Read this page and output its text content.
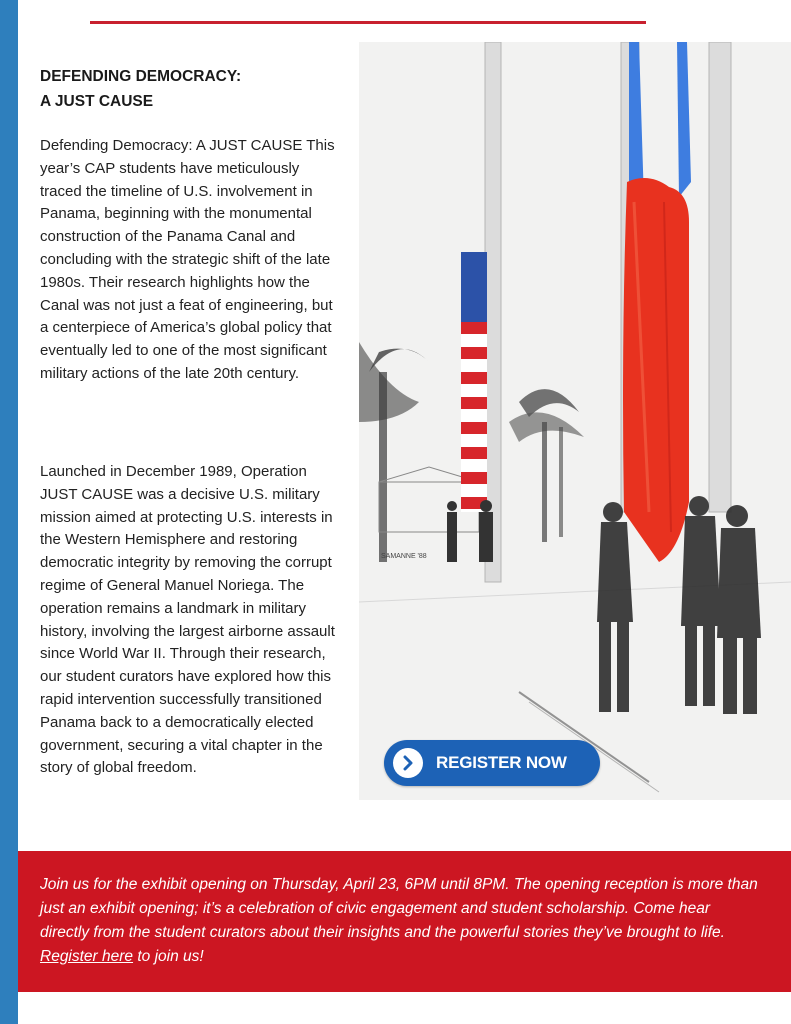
DEFENDING DEMOCRACY:
A JUST CAUSE
Defending Democracy: A JUST CAUSE This year’s CAP students have meticulously traced the timeline of U.S. involvement in Panama, beginning with the monumental construction of the Panama Canal and concluding with the strategic shift of the late 1980s. Their research highlights how the Canal was not just a feat of engineering, but a centerpiece of America’s global policy that eventually led to one of the most significant military actions of the late 20th century.
Launched in December 1989, Operation JUST CAUSE was a decisive U.S. military mission aimed at protecting U.S. interests in the Western Hemisphere and restoring democratic integrity by removing the corrupt regime of General Manuel Noriega. The operation remains a landmark in military history, involving the largest airborne assault since World War II. Through their research, our student curators have explored how this rapid intervention successfully transitioned Panama back to a democratically elected government, securing a vital chapter in the story of global freedom.
SAMANNE '88
REGISTER NOW
Join us for the exhibit opening on Thursday, April 23, 6PM until 8PM. The opening reception is more than just an exhibit opening; it’s a celebration of civic engagement and student scholarship. Come hear directly from the student curators about their insights and the powerful stories they’ve brought to life. Register here to join us!
